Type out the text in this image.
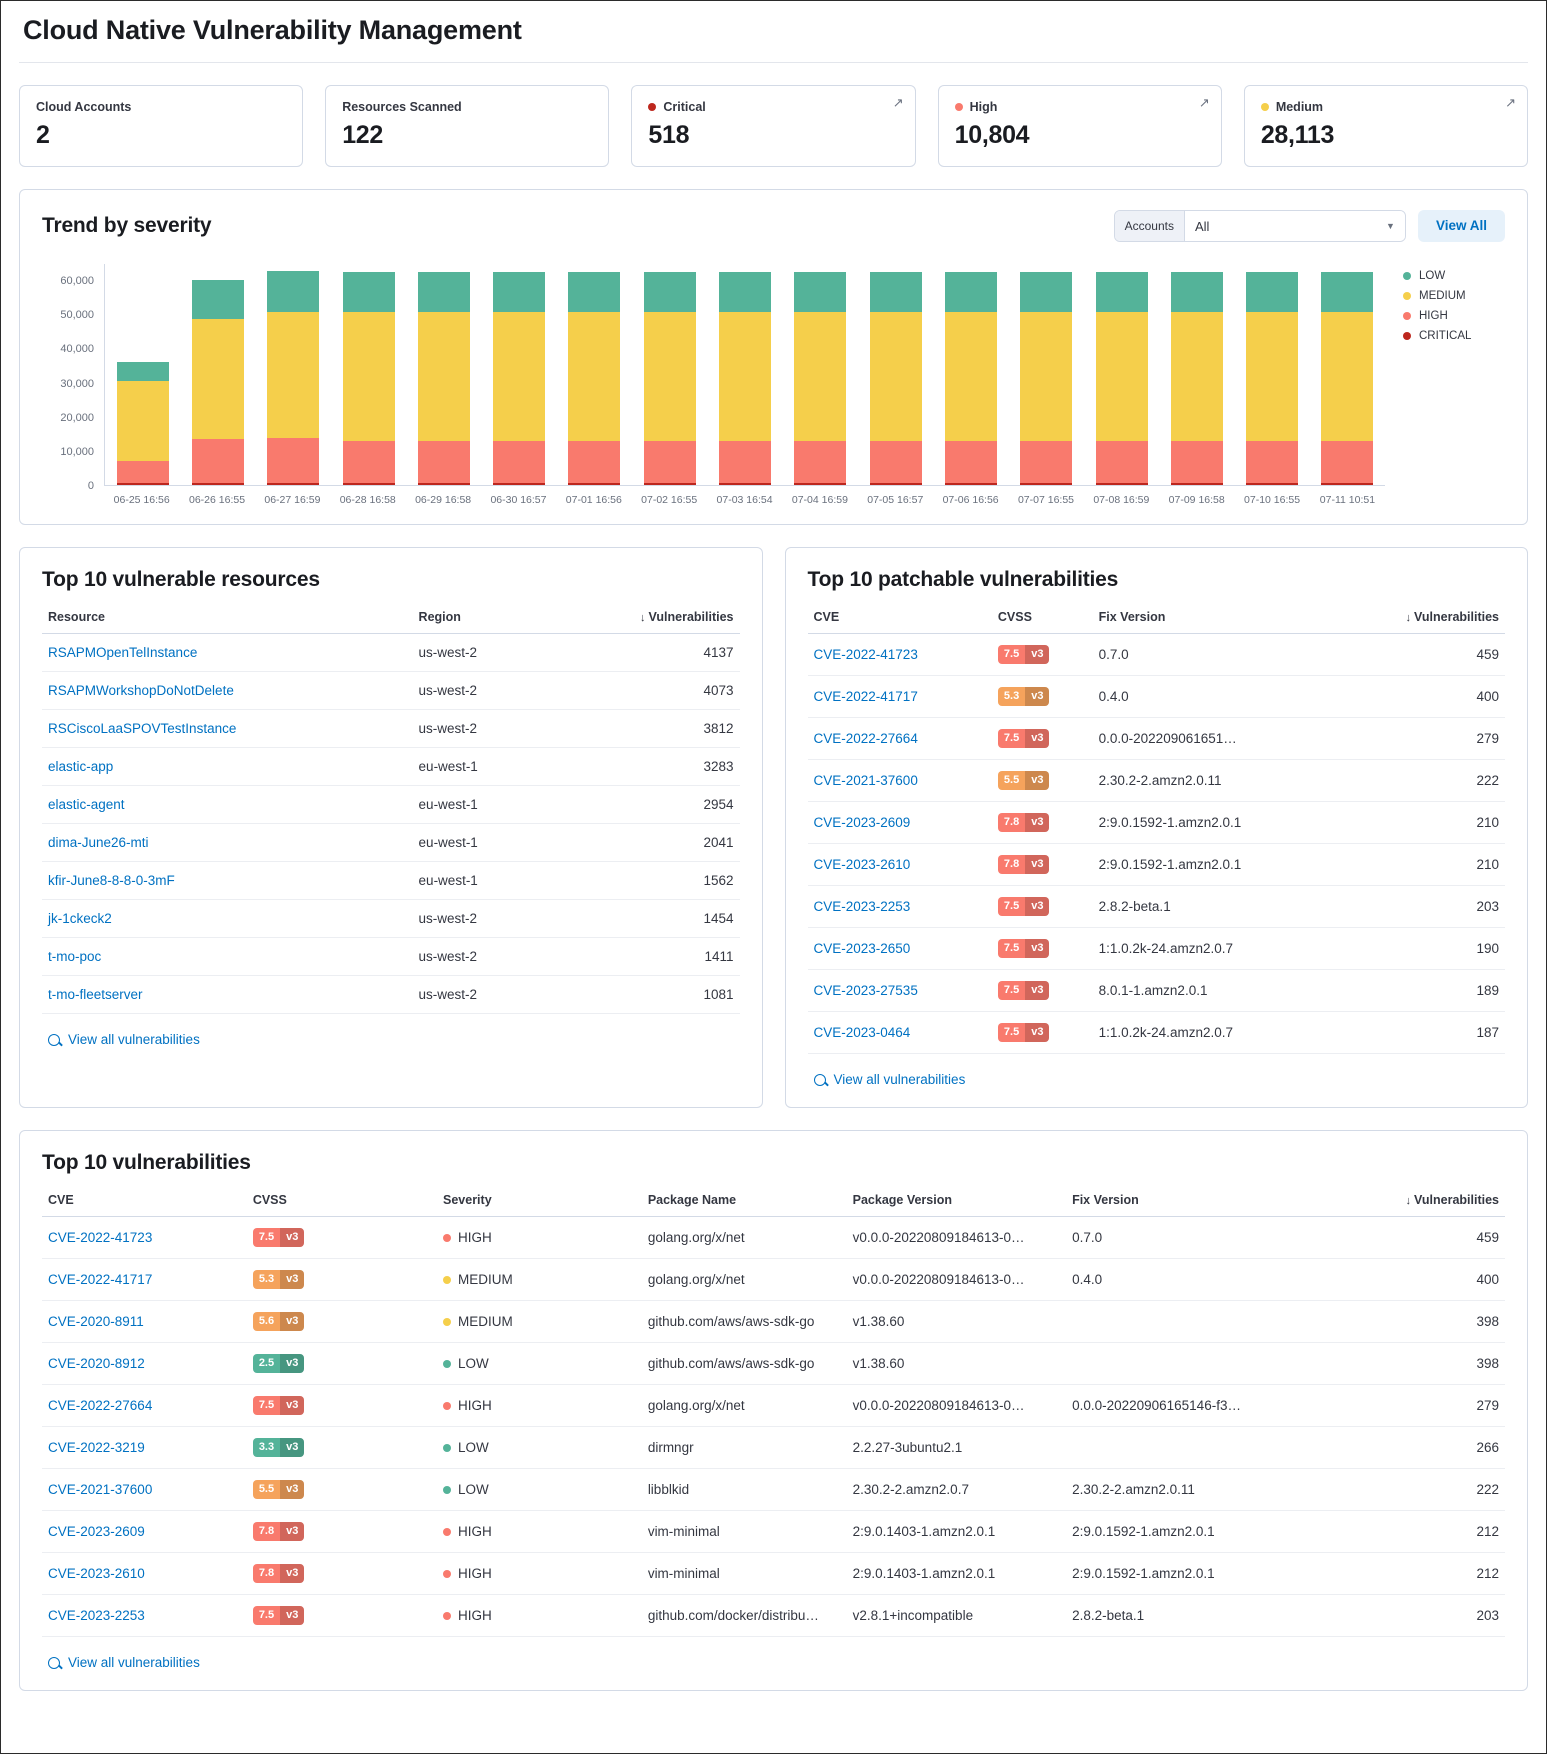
Cloud Native Vulnerability Management
Cloud Accounts
2
Resources Scanned
122
Critical
518
↗	High
10,804
↗	Medium
28,113
↗
Trend by severity	Accounts	All	▼	View All
0
10,000
20,000
30,000
40,000
50,000
60,000
06-25 16:56	06-26 16:55	06-27 16:59	06-28 16:58	06-29 16:58	06-30 16:57	07-01 16:56	07-02 16:55	07-03 16:54	07-04 16:59	07-05 16:57	07-06 16:56	07-07 16:55	07-08 16:59	07-09 16:58	07-10 16:55	07-11 10:51
LOW
MEDIUM
HIGH
CRITICAL
Top 10 vulnerable resources
Resource	Region	↓ Vulnerabilities
RSAPMOpenTelInstance	us-west-2	4137
RSAPMWorkshopDoNotDelete	us-west-2	4073
RSCiscoLaaSPOVTestInstance	us-west-2	3812
elastic-app	eu-west-1	3283
elastic-agent	eu-west-1	2954
dima-June26-mti	eu-west-1	2041
kfir-June8-8-8-0-3mF	eu-west-1	1562
jk-1ckeck2	us-west-2	1454
t-mo-poc	us-west-2	1411
t-mo-fleetserver	us-west-2	1081
View all vulnerabilities
Top 10 patchable vulnerabilities
CVE	CVSS	Fix Version	↓ Vulnerabilities
CVE-2022-41723	7.5 v3	0.7.0	459
CVE-2022-41717	5.3 v3	0.4.0	400
CVE-2022-27664	7.5 v3	0.0.0-202209061651…	279
CVE-2021-37600	5.5 v3	2.30.2-2.amzn2.0.11	222
CVE-2023-2609	7.8 v3	2:9.0.1592-1.amzn2.0.1	210
CVE-2023-2610	7.8 v3	2:9.0.1592-1.amzn2.0.1	210
CVE-2023-2253	7.5 v3	2.8.2-beta.1	203
CVE-2023-2650	7.5 v3	1:1.0.2k-24.amzn2.0.7	190
CVE-2023-27535	7.5 v3	8.0.1-1.amzn2.0.1	189
CVE-2023-0464	7.5 v3	1:1.0.2k-24.amzn2.0.7	187
View all vulnerabilities
Top 10 vulnerabilities
CVE	CVSS	Severity	Package Name	Package Version	Fix Version	↓ Vulnerabilities
CVE-2022-41723	7.5 v3	HIGH	golang.org/x/net	v0.0.0-20220809184613-0…	0.7.0	459
CVE-2022-41717	5.3 v3	MEDIUM	golang.org/x/net	v0.0.0-20220809184613-0…	0.4.0	400
CVE-2020-8911	5.6 v3	MEDIUM	github.com/aws/aws-sdk-go	v1.38.60		398
CVE-2020-8912	2.5 v3	LOW	github.com/aws/aws-sdk-go	v1.38.60		398
CVE-2022-27664	7.5 v3	HIGH	golang.org/x/net	v0.0.0-20220809184613-0…	0.0.0-20220906165146-f3…	279
CVE-2022-3219	3.3 v3	LOW	dirmngr	2.2.27-3ubuntu2.1		266
CVE-2021-37600	5.5 v3	LOW	libblkid	2.30.2-2.amzn2.0.7	2.30.2-2.amzn2.0.11	222
CVE-2023-2609	7.8 v3	HIGH	vim-minimal	2:9.0.1403-1.amzn2.0.1	2:9.0.1592-1.amzn2.0.1	212
CVE-2023-2610	7.8 v3	HIGH	vim-minimal	2:9.0.1403-1.amzn2.0.1	2:9.0.1592-1.amzn2.0.1	212
CVE-2023-2253	7.5 v3	HIGH	github.com/docker/distribu…	v2.8.1+incompatible	2.8.2-beta.1	203
View all vulnerabilities
